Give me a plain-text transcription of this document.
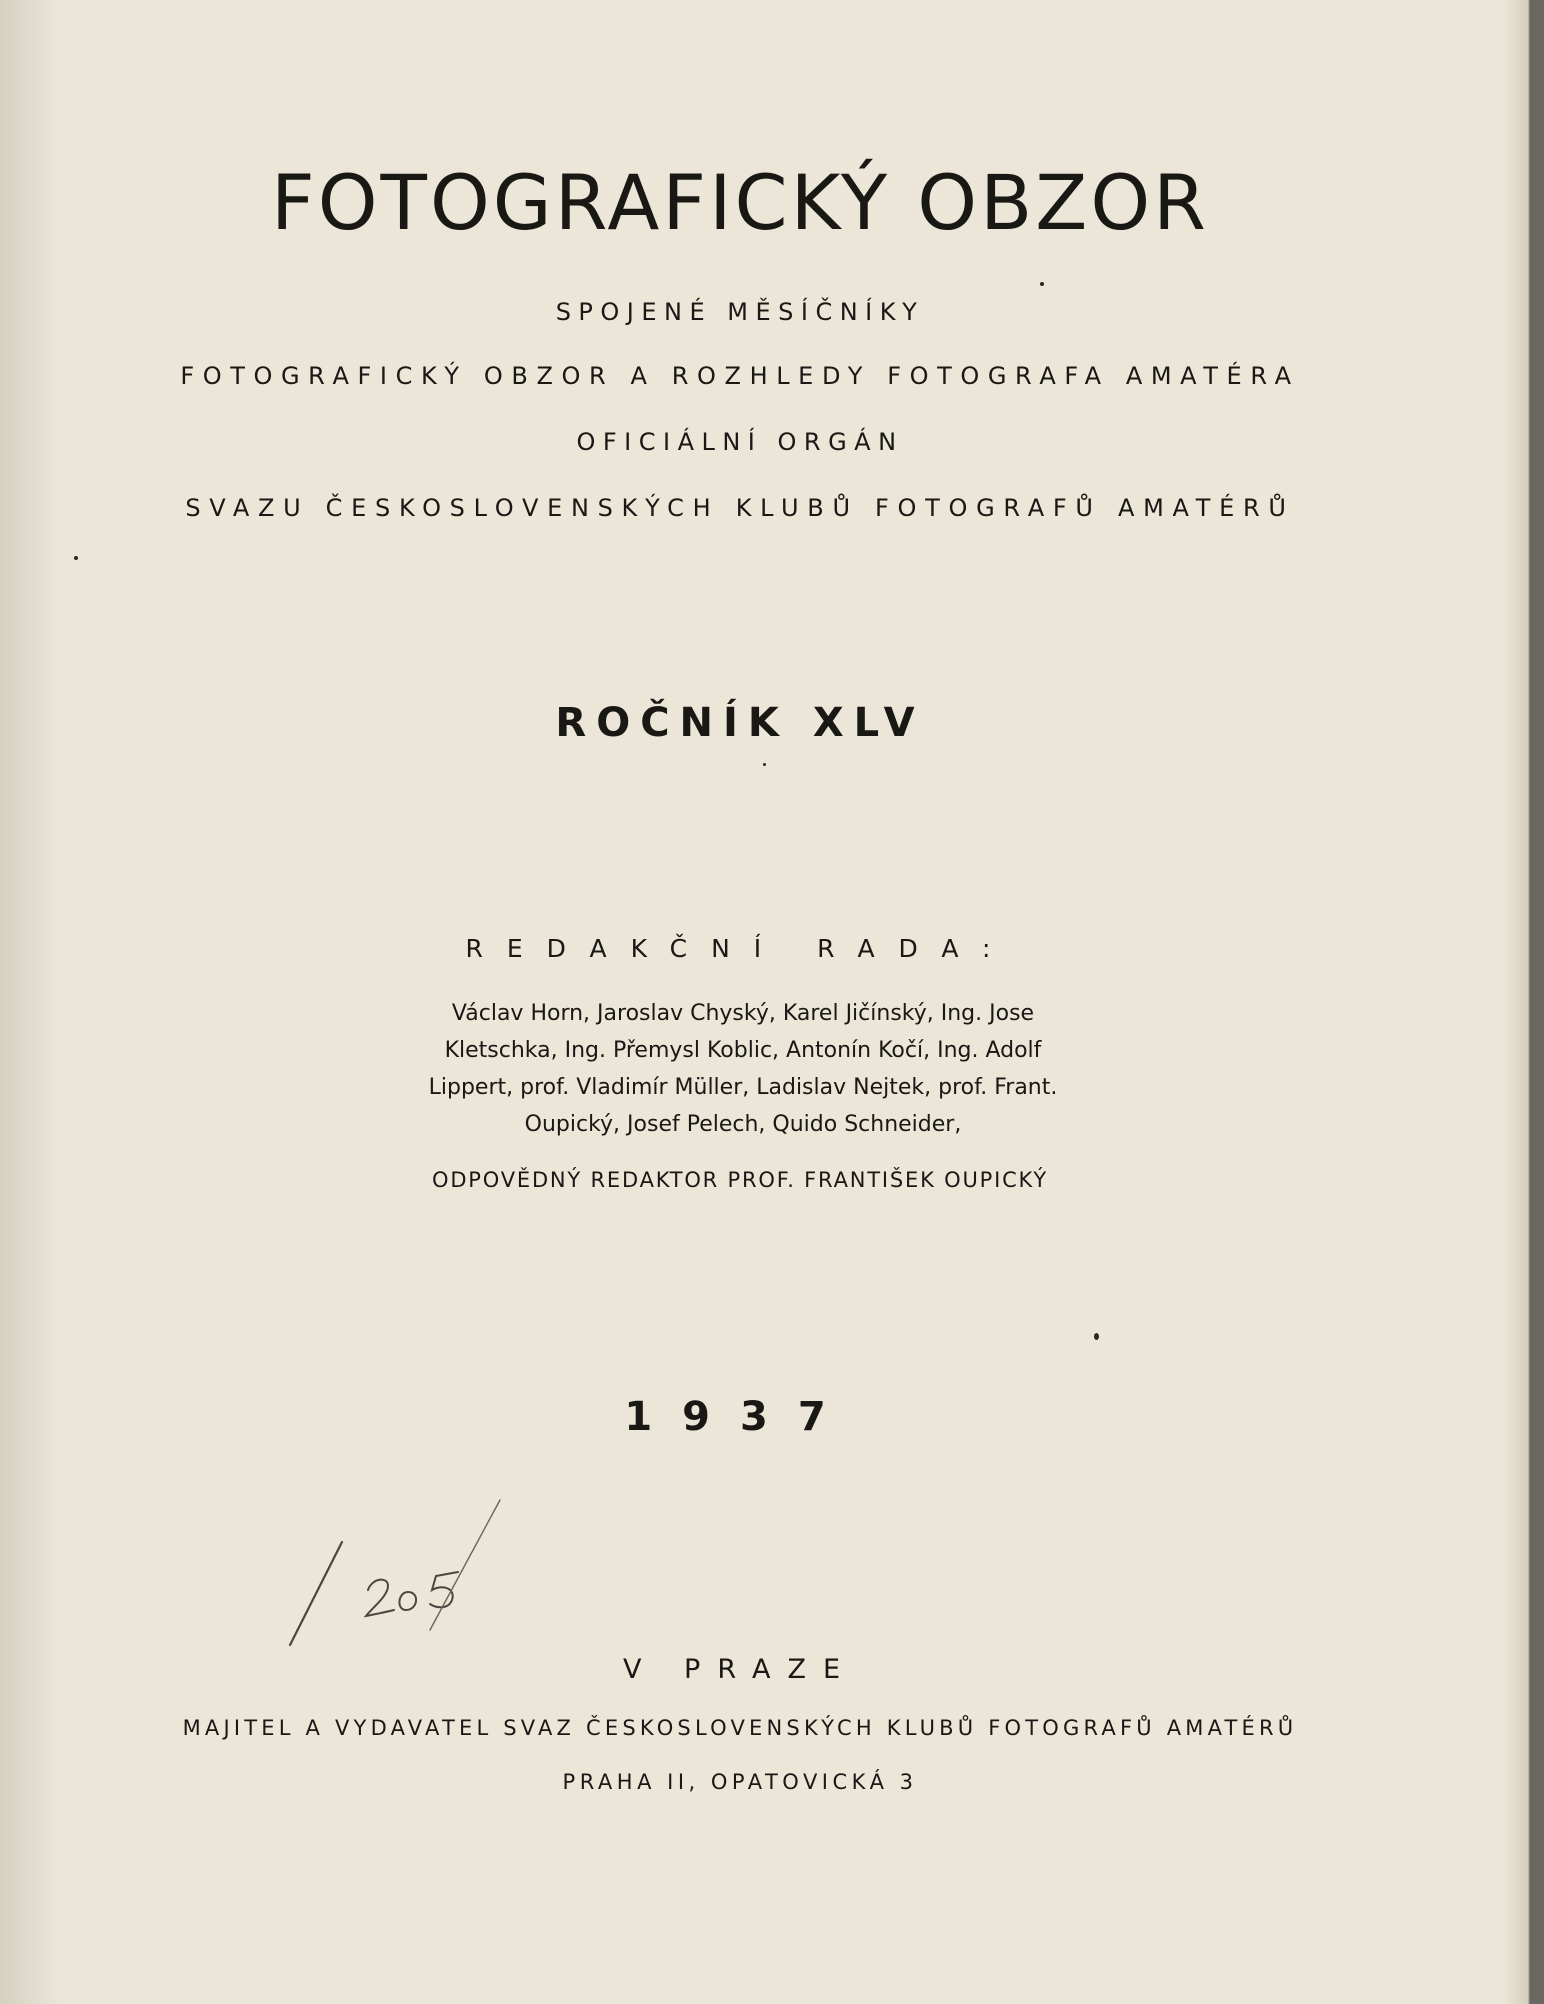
FOTOGRAFICKÝ OBZOR
SPOJENÉ MĚSÍČNÍKY
FOTOGRAFICKÝ OBZOR A ROZHLEDY FOTOGRAFA AMATÉRA
OFICIÁLNÍ ORGÁN
SVAZU ČESKOSLOVENSKÝCH KLUBŮ FOTOGRAFŮ AMATÉRŮ
ROČNÍK XLV
REDAKČNÍ RADA:
Václav Horn, Jaroslav Chyský, Karel Jičínský, Ing. Jose
Kletschka, Ing. Přemysl Koblic, Antonín Kočí, Ing. Adolf
Lippert, prof. Vladimír Müller, Ladislav Nejtek, prof. Frant.
Oupický, Josef Pelech, Quido Schneider,
ODPOVĚDNÝ REDAKTOR PROF. FRANTIŠEK OUPICKÝ
1937
V PRAZE
MAJITEL A VYDAVATEL SVAZ ČESKOSLOVENSKÝCH KLUBŮ FOTOGRAFŮ AMATÉRŮ
PRAHA II, OPATOVICKÁ 3
